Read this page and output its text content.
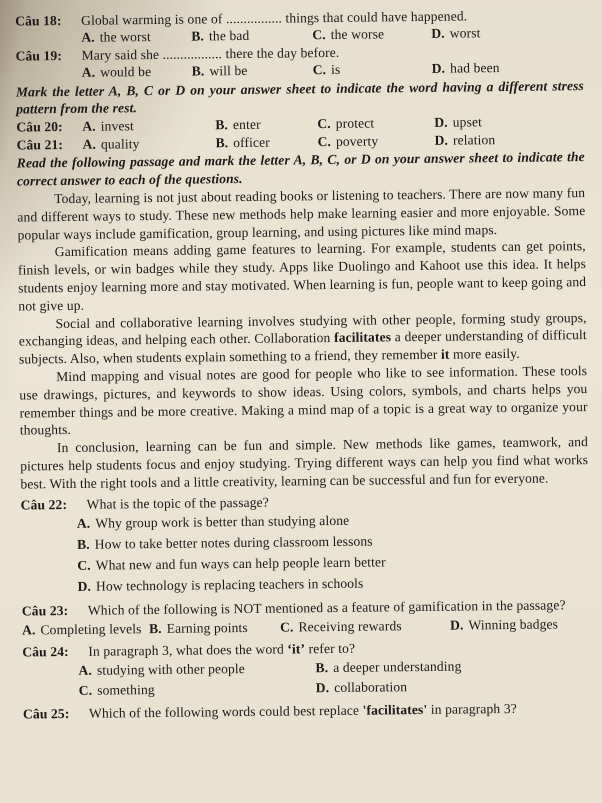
Câu 18: Global warming is one of ................ things that could have happened.
A. the worst	B. the bad	C. the worse	D. worst
Câu 19: Mary said she ................. there the day before.
A. would be	B. will be	C. is	D. had been
Mark the letter A, B, C or D on your answer sheet to indicate the word having a different stress pattern from the rest.
Câu 20:	A. invest	B. enter	C. protect	D. upset
Câu 21:	A. quality	B. officer	C. poverty	D. relation
Read the following passage and mark the letter A, B, C, or D on your answer sheet to indicate the correct answer to each of the questions.

Today, learning is not just about reading books or listening to teachers. There are now many fun and different ways to study. These new methods help make learning easier and more enjoyable. Some popular ways include gamification, group learning, and using pictures like mind maps.

Gamification means adding game features to learning. For example, students can get points, finish levels, or win badges while they study. Apps like Duolingo and Kahoot use this idea. It helps students enjoy learning more and stay motivated. When learning is fun, people want to keep going and not give up.

Social and collaborative learning involves studying with other people, forming study groups, exchanging ideas, and helping each other. Collaboration facilitates a deeper understanding of difficult subjects. Also, when students explain something to a friend, they remember it more easily.

Mind mapping and visual notes are good for people who like to see information. These tools use drawings, pictures, and keywords to show ideas. Using colors, symbols, and charts helps you remember things and be more creative. Making a mind map of a topic is a great way to organize your thoughts.

In conclusion, learning can be fun and simple. New methods like games, teamwork, and pictures help students focus and enjoy studying. Trying different ways can help you find what works best. With the right tools and a little creativity, learning can be successful and fun for everyone.

Câu 22: What is the topic of the passage?
A. Why group work is better than studying alone
B. How to take better notes during classroom lessons
C. What new and fun ways can help people learn better
D. How technology is replacing teachers in schools
Câu 23: Which of the following is NOT mentioned as a feature of gamification in the passage?
A. Completing levels B. Earning points	C. Receiving rewards	D. Winning badges
Câu 24: In paragraph 3, what does the word ‘it’ refer to?
A. studying with other people	B. a deeper understanding
C. something	D. collaboration
Câu 25: Which of the following words could best replace 'facilitates' in paragraph 3?
